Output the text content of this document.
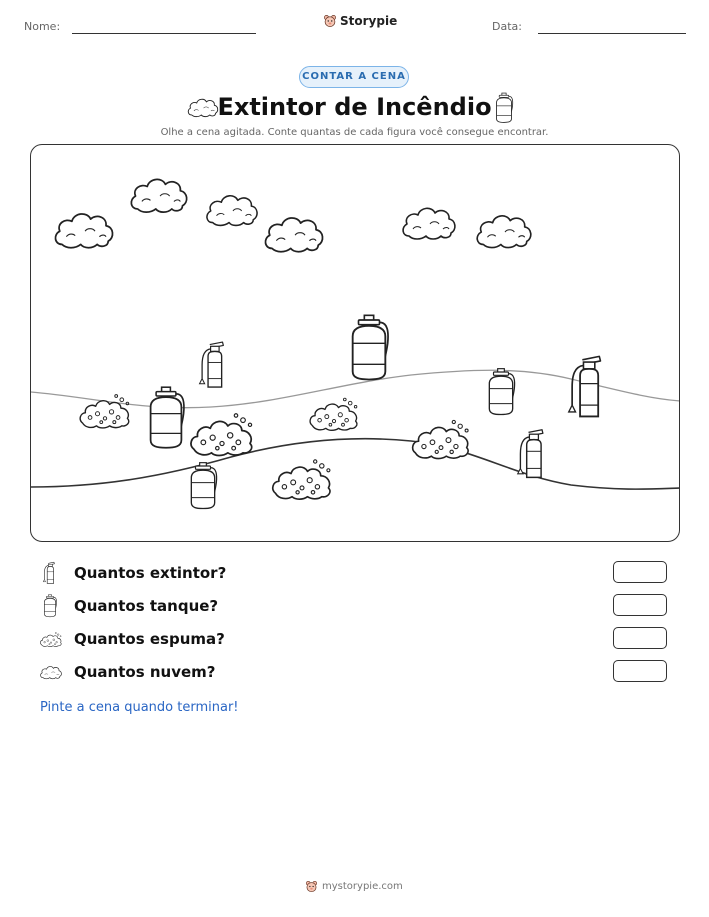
Nome:	Storypie	Data:
CONTAR A CENA
Extintor de Incêndio
Olhe a cena agitada. Conte quantas de cada figura você consegue encontrar.
Quantos extintor?
Quantos tanque?
Quantos espuma?
Quantos nuvem?
Pinte a cena quando terminar!
mystorypie.com
